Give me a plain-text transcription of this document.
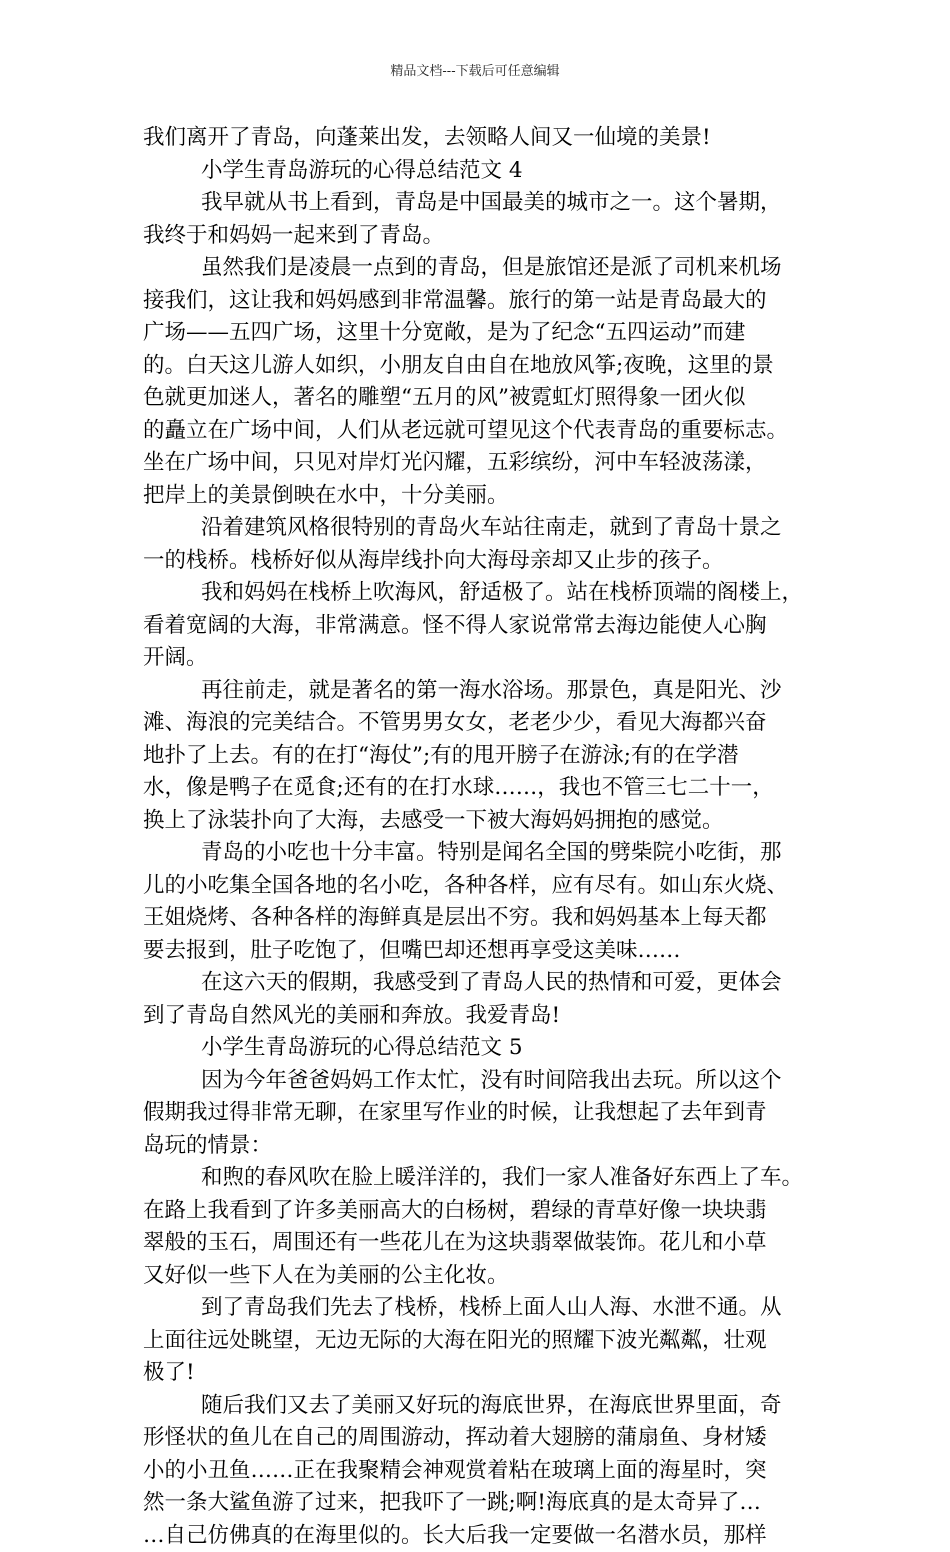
精品文档---下载后可任意编辑
我们离开了青岛，向蓬莱出发，去领略人间又一仙境的美景!
小学生青岛游玩的心得总结范文 4
我早就从书上看到，青岛是中国最美的城市之一。这个暑期，
我终于和妈妈一起来到了青岛。
虽然我们是凌晨一点到的青岛，但是旅馆还是派了司机来机场
接我们，这让我和妈妈感到非常温馨。旅行的第一站是青岛最大的
广场——五四广场，这里十分宽敞，是为了纪念“五四运动”而建
的。白天这儿游人如织，小朋友自由自在地放风筝;夜晚，这里的景
色就更加迷人，著名的雕塑“五月的风”被霓虹灯照得象一团火似
的矗立在广场中间，人们从老远就可望见这个代表青岛的重要标志。
坐在广场中间，只见对岸灯光闪耀，五彩缤纷，河中车轻波荡漾，
把岸上的美景倒映在水中，十分美丽。
沿着建筑风格很特别的青岛火车站往南走，就到了青岛十景之
一的栈桥。栈桥好似从海岸线扑向大海母亲却又止步的孩子。
我和妈妈在栈桥上吹海风，舒适极了。站在栈桥顶端的阁楼上，
看着宽阔的大海，非常满意。怪不得人家说常常去海边能使人心胸
开阔。
再往前走，就是著名的第一海水浴场。那景色，真是阳光、沙
滩、海浪的完美结合。不管男男女女，老老少少，看见大海都兴奋
地扑了上去。有的在打“海仗”;有的甩开膀子在游泳;有的在学潜
水，像是鸭子在觅食;还有的在打水球……，我也不管三七二十一，
换上了泳装扑向了大海，去感受一下被大海妈妈拥抱的感觉。
青岛的小吃也十分丰富。特别是闻名全国的劈柴院小吃街，那
儿的小吃集全国各地的名小吃，各种各样，应有尽有。如山东火烧、
王姐烧烤、各种各样的海鲜真是层出不穷。我和妈妈基本上每天都
要去报到，肚子吃饱了，但嘴巴却还想再享受这美味……
在这六天的假期，我感受到了青岛人民的热情和可爱，更体会
到了青岛自然风光的美丽和奔放。我爱青岛!
小学生青岛游玩的心得总结范文 5
因为今年爸爸妈妈工作太忙，没有时间陪我出去玩。所以这个
假期我过得非常无聊，在家里写作业的时候，让我想起了去年到青
岛玩的情景：
和煦的春风吹在脸上暖洋洋的，我们一家人准备好东西上了车。
在路上我看到了许多美丽高大的白杨树，碧绿的青草好像一块块翡
翠般的玉石，周围还有一些花儿在为这块翡翠做装饰。花儿和小草
又好似一些下人在为美丽的公主化妆。
到了青岛我们先去了栈桥，栈桥上面人山人海、水泄不通。从
上面往远处眺望，无边无际的大海在阳光的照耀下波光粼粼，壮观
极了!
随后我们又去了美丽又好玩的海底世界，在海底世界里面，奇
形怪状的鱼儿在自己的周围游动，挥动着大翅膀的蒲扇鱼、身材矮
小的小丑鱼……正在我聚精会神观赏着粘在玻璃上面的海星时，突
然一条大鲨鱼游了过来，把我吓了一跳;啊!海底真的是太奇异了…
…自己仿佛真的在海里似的。长大后我一定要做一名潜水员，那样
